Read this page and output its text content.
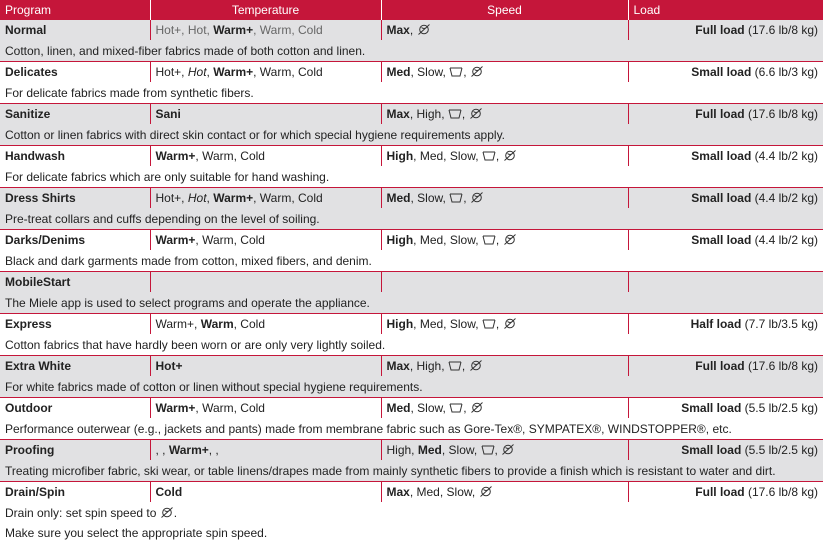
Program	Temperature	Speed	Load
Normal	Hot+, Hot, Warm+, Warm, Cold	Max,	Full load (17.6 lb/8 kg)
Cotton, linen, and mixed-fiber fabrics made of both cotton and linen.			
Delicates	Hot+, Hot, Warm+, Warm, Cold	Med, Slow, ,	Small load (6.6 lb/3 kg)
For delicate fabrics made from synthetic fibers.			
Sanitize	Sani	Max, High, ,	Full load (17.6 lb/8 kg)
Cotton or linen fabrics with direct skin contact or for which special hygiene requirements apply.			
Handwash	Warm+, Warm, Cold	High, Med, Slow, ,	Small load (4.4 lb/2 kg)
For delicate fabrics which are only suitable for hand washing.			
Dress Shirts	Hot+, Hot, Warm+, Warm, Cold	Med, Slow, ,	Small load (4.4 lb/2 kg)
Pre-treat collars and cuffs depending on the level of soiling.			
Darks/Denims	Warm+, Warm, Cold	High, Med, Slow, ,	Small load (4.4 lb/2 kg)
Black and dark garments made from cotton, mixed fibers, and denim.			
MobileStart			
The Miele app is used to select programs and operate the appliance.			
Express	Warm+, Warm, Cold	High, Med, Slow, ,	Half load (7.7 lb/3.5 kg)
Cotton fabrics that have hardly been worn or are only very lightly soiled.			
Extra White	Hot+	Max, High, ,	Full load (17.6 lb/8 kg)
For white fabrics made of cotton or linen without special hygiene requirements.			
Outdoor	Warm+, Warm, Cold	Med, Slow, ,	Small load (5.5 lb/2.5 kg)
Performance outerwear (e.g., jackets and pants) made from membrane fabric such as Gore-Tex®, SYMPATEX®, WINDSTOPPER®, etc.			
Proofing	, , Warm+, ,	High, Med, Slow, ,	Small load (5.5 lb/2.5 kg)
Treating microfiber fabric, ski wear, or table linens/drapes made from mainly synthetic fibers to provide a finish which is resistant to water and dirt.			
Drain/Spin	Cold	Max, Med, Slow,	Full load (17.6 lb/8 kg)
Drain only: set spin speed to .			
Make sure you select the appropriate spin speed.			
